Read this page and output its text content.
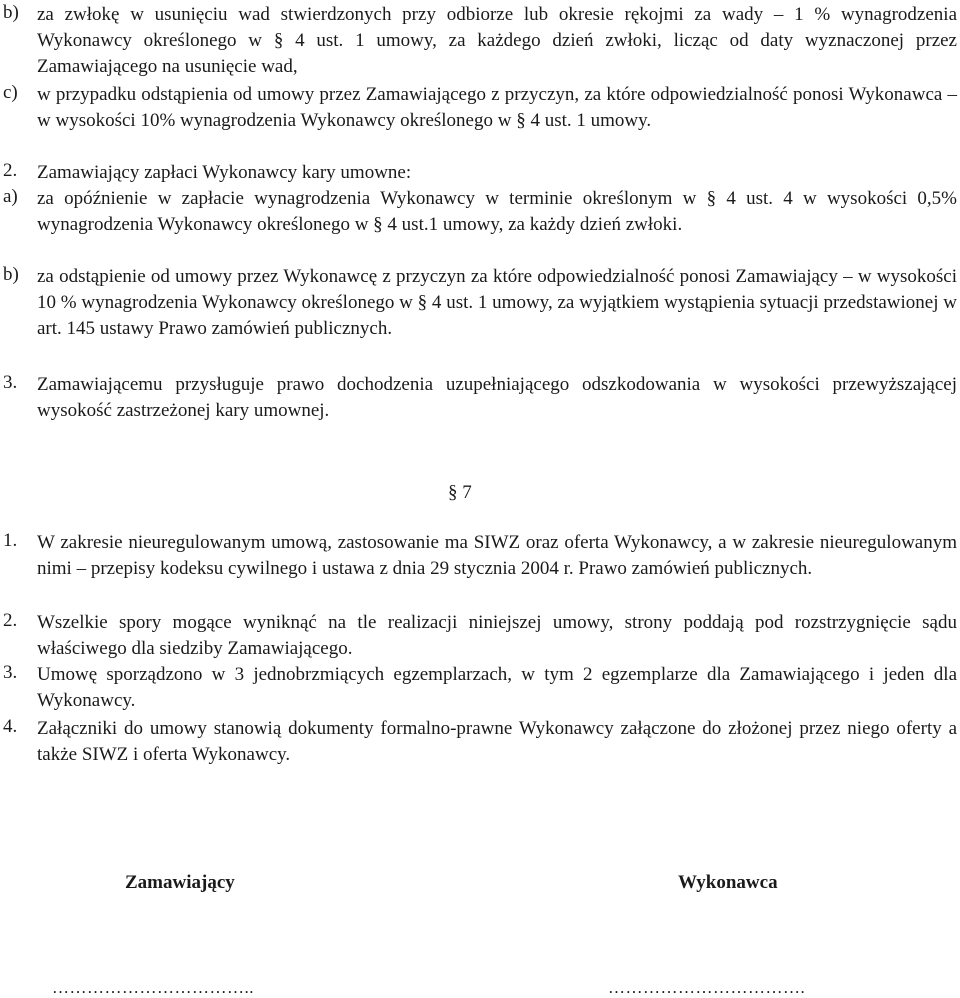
b) za zwłokę w usunięciu wad stwierdzonych przy odbiorze lub okresie rękojmi za wady – 1 % wynagrodzenia Wykonawcy określonego w § 4 ust. 1 umowy, za każdego dzień zwłoki, licząc od daty wyznaczonej przez Zamawiającego na usunięcie wad,
c)	w przypadku odstąpienia od umowy przez Zamawiającego z przyczyn, za które odpowiedzialność ponosi Wykonawca – w wysokości 10% wynagrodzenia Wykonawcy określonego w § 4 ust. 1 umowy.
2.	Zamawiający zapłaci Wykonawcy kary umowne:
a)	za opóźnienie w zapłacie wynagrodzenia Wykonawcy w terminie określonym w § 4 ust. 4 w wysokości 0,5% wynagrodzenia Wykonawcy określonego w § 4 ust.1 umowy, za każdy dzień zwłoki.
b) za odstąpienie od umowy przez Wykonawcę z przyczyn za które odpowiedzialność ponosi Zamawiający – w wysokości 10 % wynagrodzenia Wykonawcy określonego w § 4 ust. 1 umowy, za wyjątkiem wystąpienia sytuacji przedstawionej w art. 145 ustawy Prawo zamówień publicznych.
3.	Zamawiającemu przysługuje prawo dochodzenia uzupełniającego odszkodowania w wysokości przewyższającej wysokość zastrzeżonej kary umownej.
§ 7
1.	W zakresie nieuregulowanym umową, zastosowanie ma SIWZ oraz oferta Wykonawcy, a w zakresie nieuregulowanym nimi – przepisy kodeksu cywilnego i ustawa z dnia 29 stycznia 2004 r. Prawo zamówień publicznych.
2.	Wszelkie spory mogące wyniknąć na tle realizacji niniejszej umowy, strony poddają pod rozstrzygnięcie sądu właściwego dla siedziby Zamawiającego.
3.	Umowę sporządzono w 3 jednobrzmiących egzemplarzach, w tym 2 egzemplarze dla Zamawiającego i jeden dla Wykonawcy.
4.	Załączniki do umowy stanowią dokumenty formalno-prawne Wykonawcy załączone do złożonej przez niego oferty a także SIWZ i oferta Wykonawcy.
Zamawiający	Wykonawca
……………………………..	…………………………….
